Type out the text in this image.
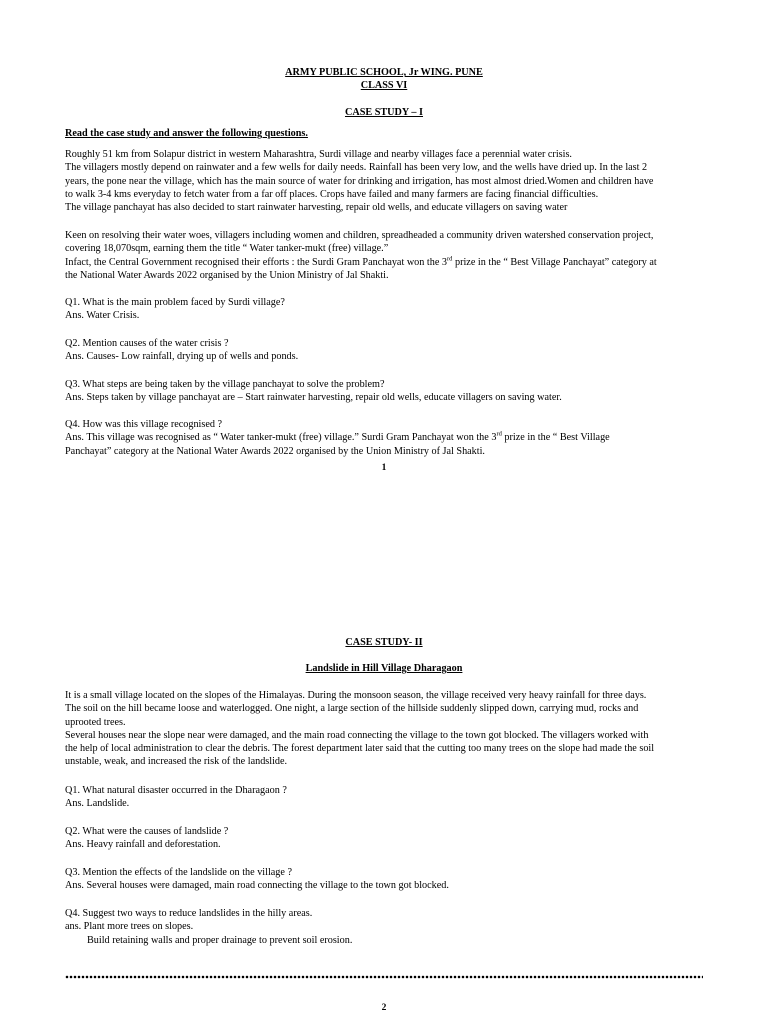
ARMY PUBLIC SCHOOL, Jr WING. PUNE
CLASS VI
CASE STUDY – I
Read the case study and answer the following questions.
Roughly 51 km from Solapur district in western Maharashtra, Surdi village and nearby villages face a perennial water crisis.
The villagers mostly depend on rainwater and a few wells for daily needs. Rainfall has been very low, and the wells have dried up. In the last 2
years, the pone near the village, which has the main source of water for drinking and irrigation, has most almost dried.Women and children have
to walk 3-4 kms everyday to fetch water from a far off places. Crops have failed and many farmers are facing financial difficulties.
The village panchayat has also decided to start rainwater harvesting, repair old wells, and educate villagers on saving water
Keen on resolving their water woes, villagers including women and children, spreadheaded a community driven watershed conservation project,
covering 18,070sqm, earning them the title “ Water tanker-mukt (free) village.”
Infact, the Central Government recognised their efforts : the Surdi Gram Panchayat won the 3rd prize in the “ Best Village Panchayat” category at
the National Water Awards 2022 organised by the Union Ministry of Jal Shakti.
Q1. What is the main problem faced by Surdi village?
Ans. Water Crisis.
Q2. Mention causes of the water crisis ?
Ans. Causes- Low rainfall, drying up of wells and ponds.
Q3. What steps are being taken by the village panchayat to solve the problem?
Ans. Steps taken by village panchayat are – Start rainwater harvesting, repair old wells, educate villagers on saving water.
Q4. How was this village recognised ?
Ans. This village was recognised as “ Water tanker-mukt (free) village.” Surdi Gram Panchayat won the 3rd prize in the “ Best Village
Panchayat” category at the National Water Awards 2022 organised by the Union Ministry of Jal Shakti.
1
CASE STUDY- II
Landslide in Hill Village Dharagaon
It is a small village located on the slopes of the Himalayas. During the monsoon season, the village received very heavy rainfall for three days.
The soil on the hill became loose and waterlogged. One night, a large section of the hillside suddenly slipped down, carrying mud, rocks and
uprooted trees.
Several houses near the slope near were damaged, and the main road connecting the village to the town got blocked. The villagers worked with
the help of local administration to clear the debris. The forest department later said that the cutting too many trees on the slope had made the soil
unstable, weak, and increased the risk of the landslide.
Q1. What natural disaster occurred in the Dharagaon ?
Ans. Landslide.
Q2. What were the causes of landslide ?
Ans. Heavy rainfall and deforestation.
Q3. Mention the effects of the landslide on the village ?
Ans. Several houses were damaged, main road connecting the village to the town got blocked.
Q4. Suggest two ways to reduce landslides in the hilly areas.
ans. Plant more trees on slopes.
Build retaining walls and proper drainage to prevent soil erosion.
2
